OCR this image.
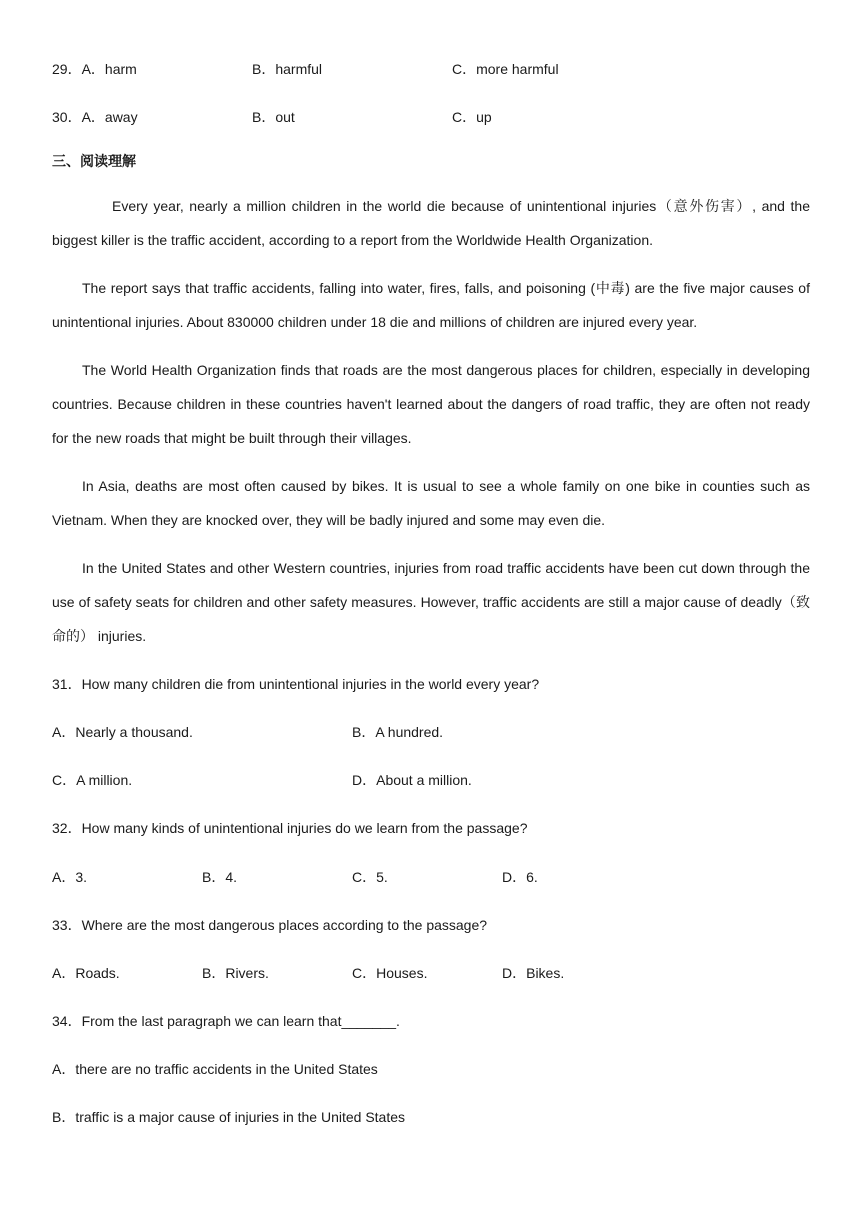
29．A．harm	B．harmful	C．more harmful
30．A．away	B．out	C．up
三、阅读理解
Every year, nearly a million children in the world die because of unintentional injuries（意外伤害）, and the biggest killer is the traffic accident, according to a report from the Worldwide Health Organization.
The report says that traffic accidents, falling into water, fires, falls, and poisoning (中毒) are the five major causes of unintentional injuries. About 830000 children under 18 die and millions of children are injured every year.
The World Health Organization finds that roads are the most dangerous places for children, especially in developing countries. Because children in these countries haven't learned about the dangers of road traffic, they are often not ready for the new roads that might be built through their villages.
In Asia, deaths are most often caused by bikes. It is usual to see a whole family on one bike in counties such as Vietnam. When they are knocked over, they will be badly injured and some may even die.
In the United States and other Western countries, injuries from road traffic accidents have been cut down through the use of safety seats for children and other safety measures. However, traffic accidents are still a major cause of deadly（致命的） injuries.
31．How many children die from unintentional injuries in the world every year?
A．Nearly a thousand.	B．A hundred.
C．A million.	D．About a million.
32．How many kinds of unintentional injuries do we learn from the passage?
A．3.	B．4.	C．5.	D．6.
33．Where are the most dangerous places according to the passage?
A．Roads.	B．Rivers.	C．Houses.	D．Bikes.
34．From the last paragraph we can learn that_______.
A．there are no traffic accidents in the United States
B．traffic is a major cause of injuries in the United States
